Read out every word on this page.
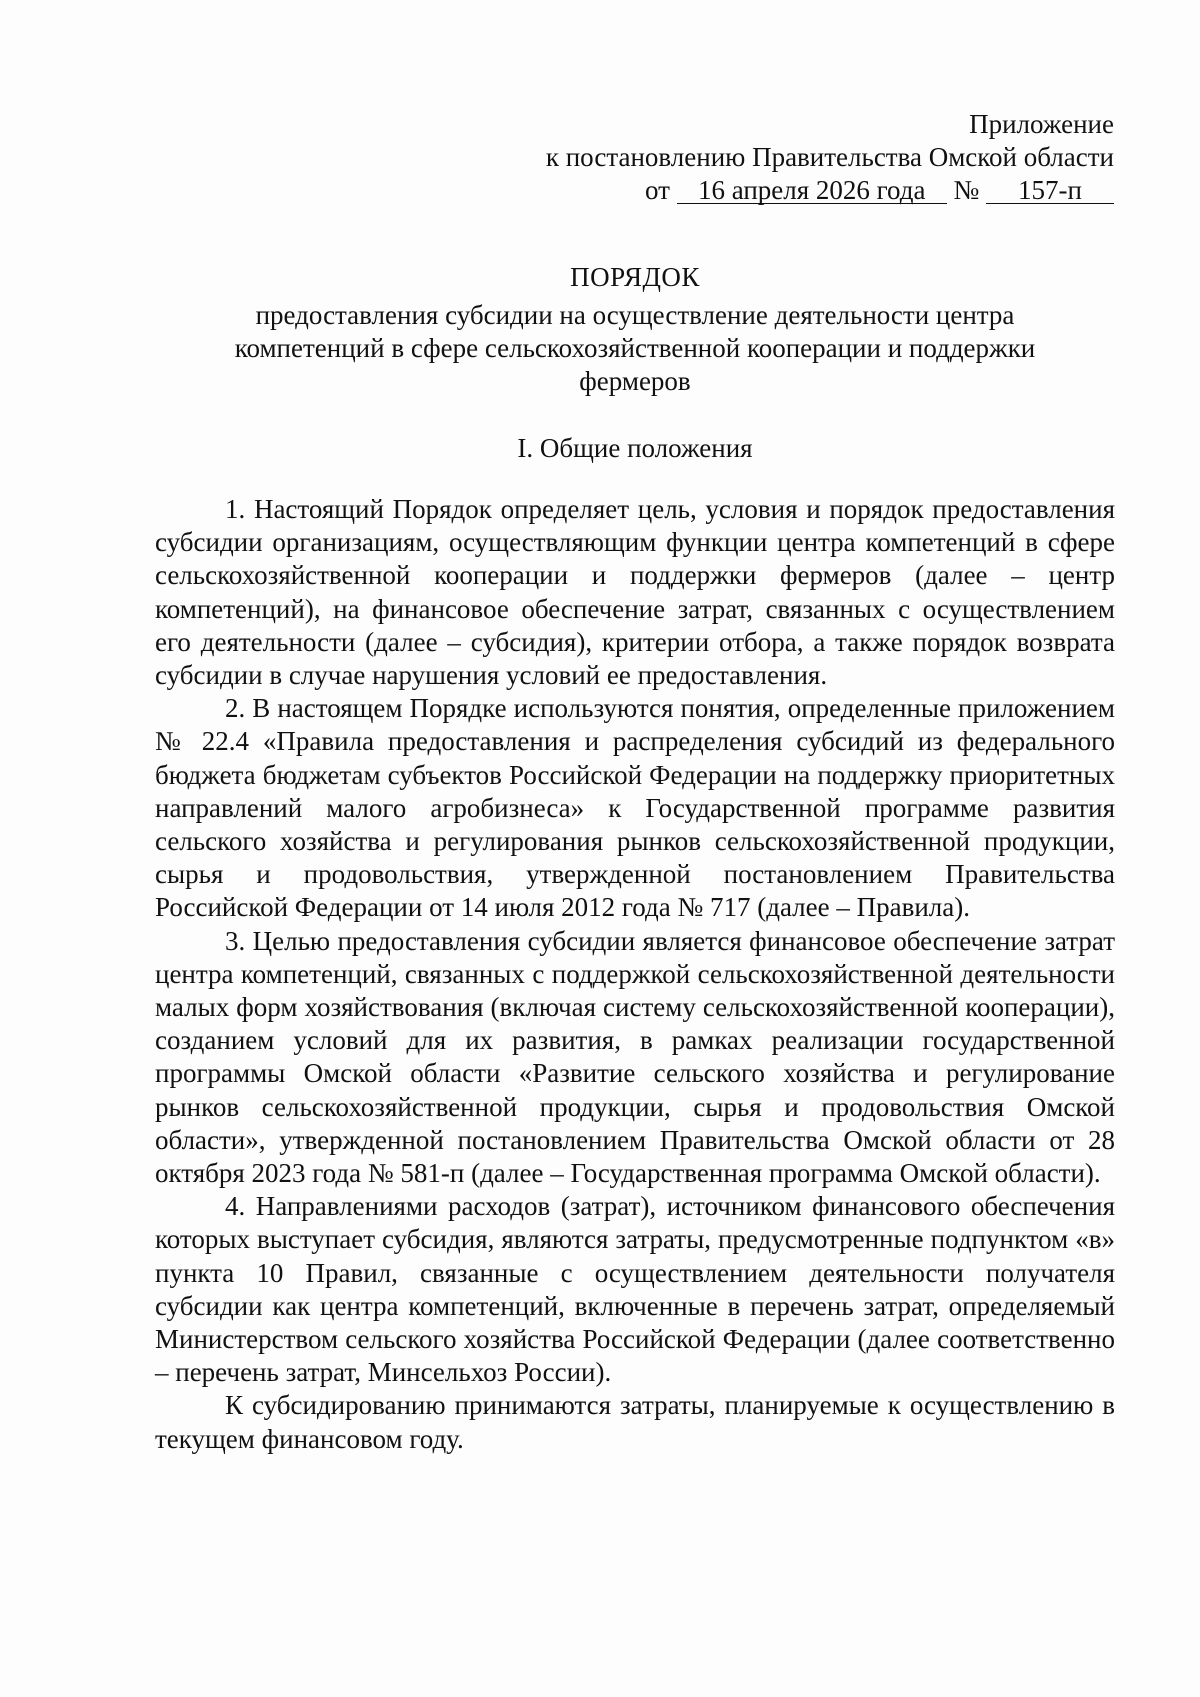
Приложение
к постановлению Правительства Омской области
от 16 апреля 2026 года № 157-п
ПОРЯДОК
предоставления субсидии на осуществление деятельности центра компетенций в сфере сельскохозяйственной кооперации и поддержки фермеров
I. Общие положения

1. Настоящий Порядок определяет цель, условия и порядок предоставления субсидии организациям, осуществляющим функции центра компетенций в сфере сельскохозяйственной кооперации и поддержки фермеров (далее – центр компетенций), на финансовое обеспечение затрат, связанных с осуществлением его деятельности (далее – субсидия), критерии отбора, а также порядок возврата субсидии в случае нарушения условий ее предоставления.

2. В настоящем Порядке используются понятия, определенные приложением № 22.4 «Правила предоставления и распределения субсидий из федерального бюджета бюджетам субъектов Российской Федерации на поддержку приоритетных направлений малого агробизнеса» к Государственной программе развития сельского хозяйства и регулирования рынков сельскохозяйственной продукции, сырья и продовольствия, утвержденной постановлением Правительства Российской Федерации от 14 июля 2012 года № 717 (далее – Правила).

3. Целью предоставления субсидии является финансовое обеспечение затрат центра компетенций, связанных с поддержкой сельскохозяйственной деятельности малых форм хозяйствования (включая систему сельскохозяйственной кооперации), созданием условий для их развития, в рамках реализации государственной программы Омской области «Развитие сельского хозяйства и регулирование рынков сельскохозяйственной продукции, сырья и продовольствия Омской области», утвержденной постановлением Правительства Омской области от 28 октября 2023 года № 581-п (далее – Государственная программа Омской области).

4. Направлениями расходов (затрат), источником финансового обеспечения которых выступает субсидия, являются затраты, предусмотренные подпунктом «в» пункта 10 Правил, связанные с осуществлением деятельности получателя субсидии как центра компетенций, включенные в перечень затрат, определяемый Министерством сельского хозяйства Российской Федерации (далее соответственно – перечень затрат, Минсельхоз России).

К субсидированию принимаются затраты, планируемые к осуществлению в текущем финансовом году.
